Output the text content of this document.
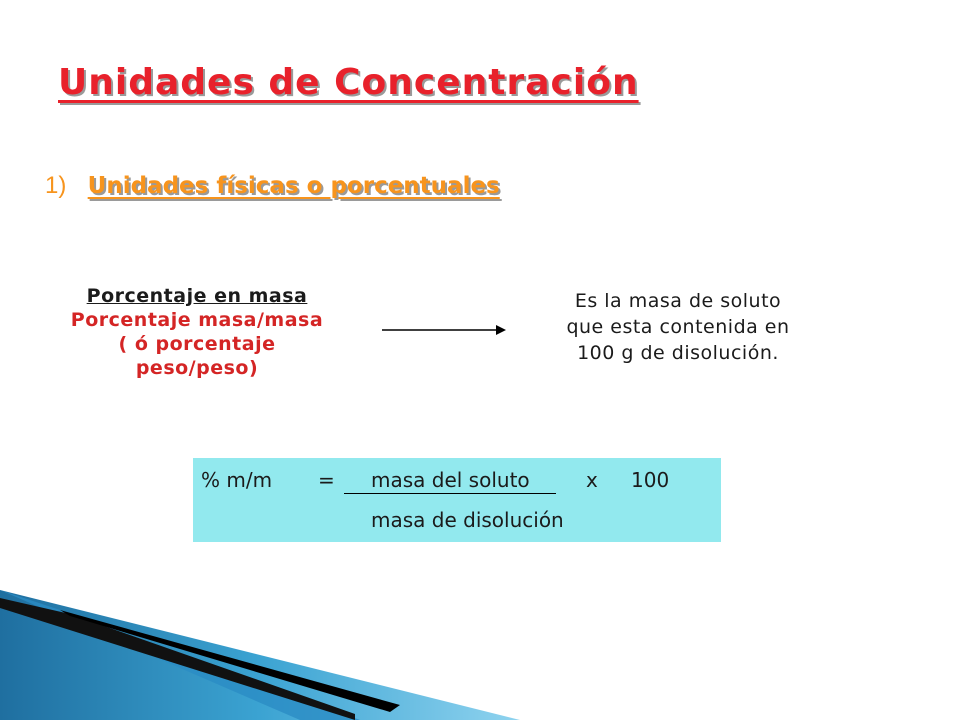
Unidades de Concentración
1) Unidades físicas o porcentuales
Porcentaje en masa
Porcentaje masa/masa
( ó porcentaje
peso/peso)
Es la masa de soluto
que esta contenida en
100 g de disolución.
% m/m = masa del soluto	x 100
masa de disolución
